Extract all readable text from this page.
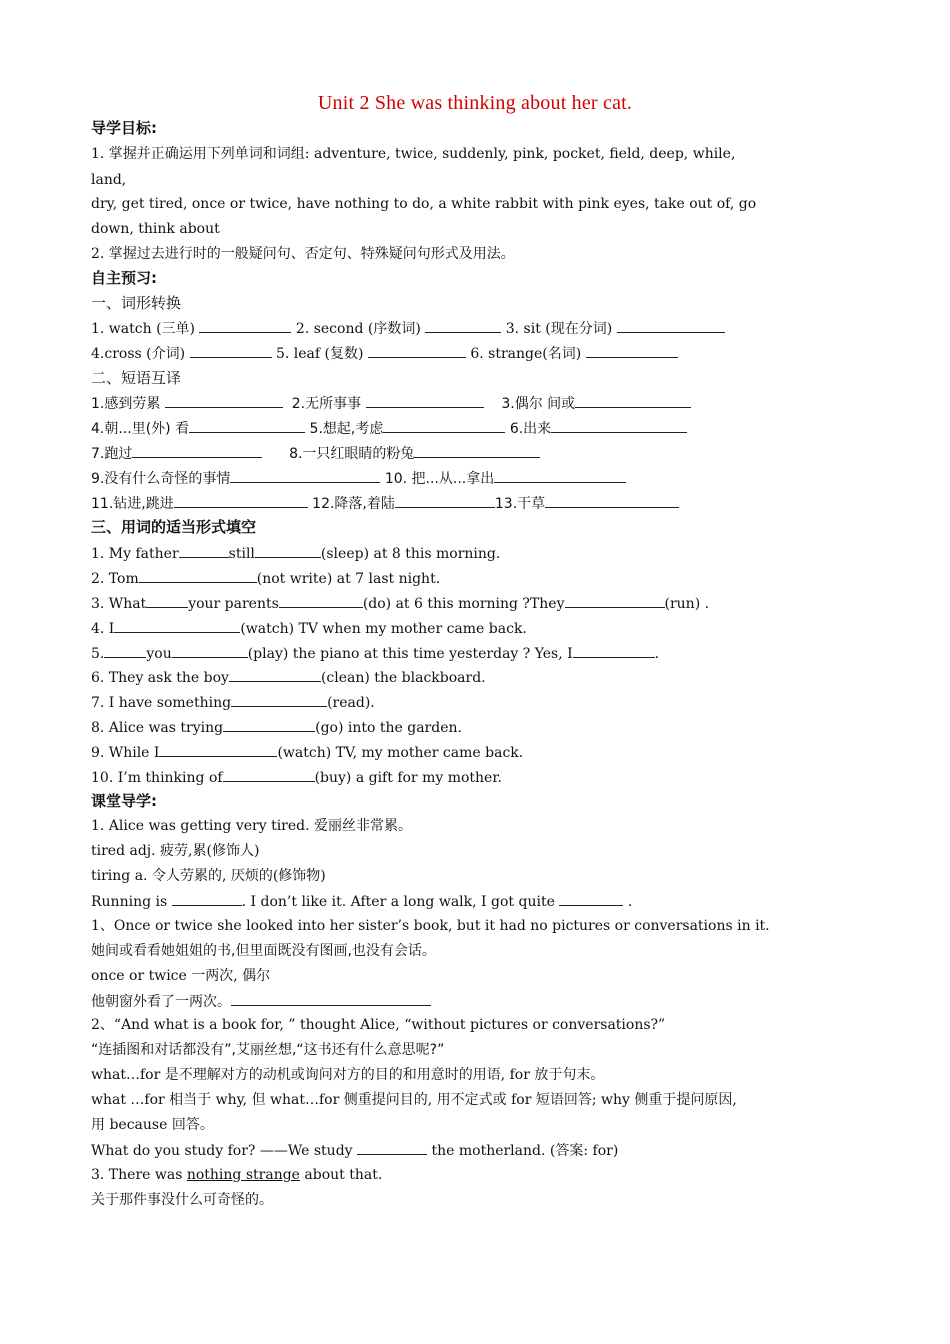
Unit 2 She was thinking about her cat.
导学目标:
1. 掌握并正确运用下列单词和词组: adventure, twice, suddenly, pink, pocket, field, deep, while,
land,
dry, get tired, once or twice, have nothing to do, a white rabbit with pink eyes, take out of, go
down, think about
2. 掌握过去进行时的一般疑问句、否定句、特殊疑问句形式及用法。
自主预习:
一、词形转换
1. watch (三单)	2. second (序数词)	3. sit (现在分词)
4.cross (介词)	5. leaf (复数)	6. strange(名词)
二、短语互译
1.感到劳累	2.无所事事	3.偶尔 间或
4.朝...里(外) 看	5.想起,考虑	6.出来
7.跑过	8.一只红眼睛的粉兔
9.没有什么奇怪的事情	10. 把...从...拿出
11.钻进,跳进	12.降落,着陆	13.干草
三、用词的适当形式填空
1. My father	still	(sleep) at 8 this morning.
2. Tom	(not write) at 7 last night.
3. What	your parents	(do) at 6 this morning ?They	(run) .
4. I	(watch) TV when my mother came back.
5.	you	(play) the piano at this time yesterday ? Yes, I	.
6. They ask the boy	(clean) the blackboard.
7. I have something	(read).
8. Alice was trying	(go) into the garden.
9. While I	(watch) TV, my mother came back.
10. I’m thinking of	(buy) a gift for my mother.
课堂导学:
1. Alice was getting very tired. 爱丽丝非常累。
tired adj. 疲劳,累(修饰人)
tiring a. 令人劳累的, 厌烦的(修饰物)
Running is	. I don’t like it. After a long walk, I got quite	.
1、Once or twice she looked into her sister’s book, but it had no pictures or conversations in it.
她间或看看她姐姐的书,但里面既没有图画,也没有会话。
once or twice 一两次, 偶尔
他朝窗外看了一两次。
2、“And what is a book for, ” thought Alice, “without pictures or conversations?”
“连插图和对话都没有”,艾丽丝想,“这书还有什么意思呢?”
what…for 是不理解对方的动机或询问对方的目的和用意时的用语, for 放于句末。
what …for 相当于 why, 但 what…for 侧重提问目的, 用不定式或 for 短语回答; why 侧重于提问原因,
用 because 回答。
What do you study for? ——We study	the motherland. (答案: for)
3. There was nothing strange about that.
关于那件事没什么可奇怪的。
